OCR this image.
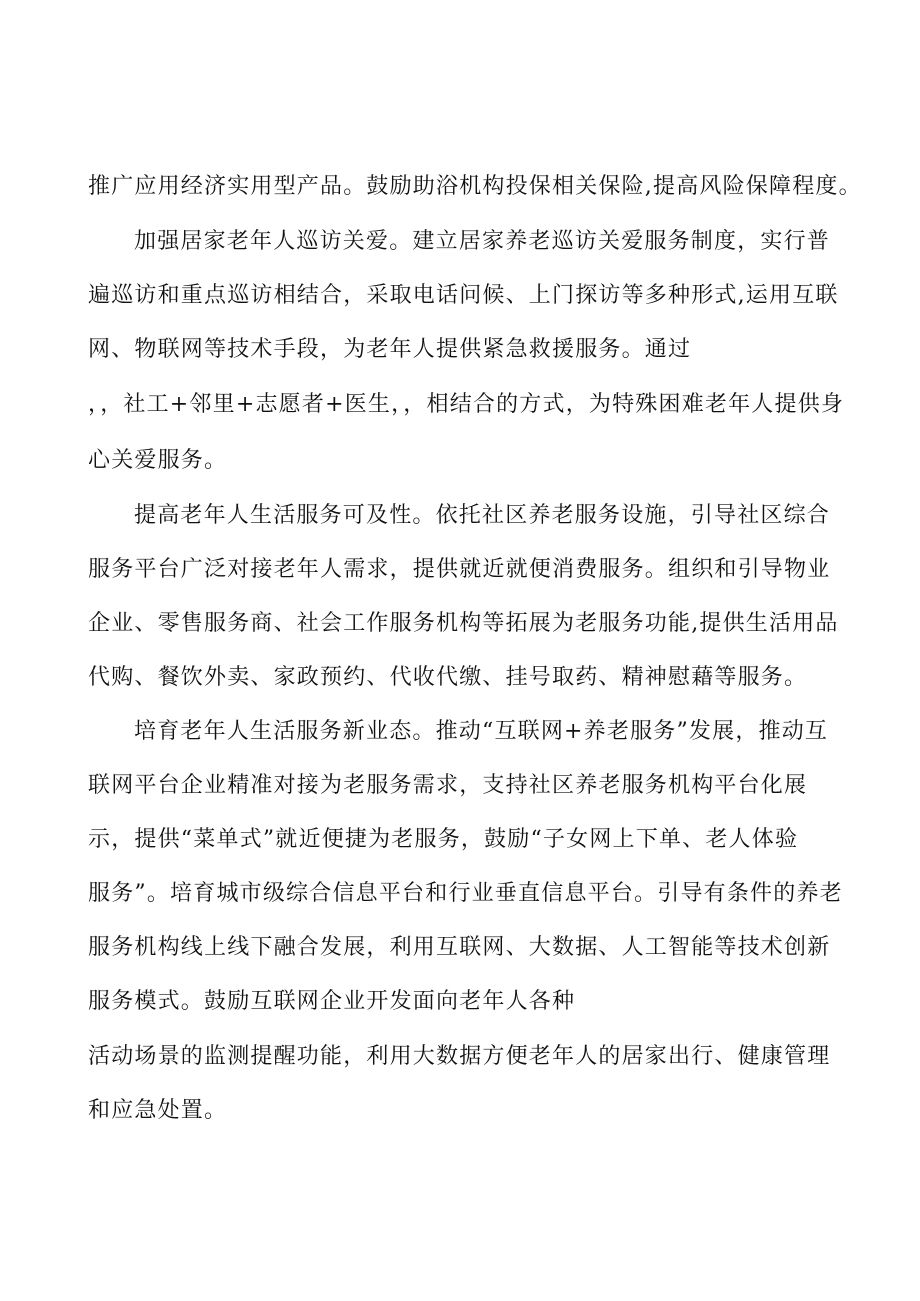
推广应用经济实用型产品。鼓励助浴机构投保相关保险,提高风险保障程度。
加强居家老年人巡访关爱。建立居家养老巡访关爱服务制度，实行普
遍巡访和重点巡访相结合，采取电话问候、上门探访等多种形式,运用互联
网、物联网等技术手段，为老年人提供紧急救援服务。通过
，，社工+邻里+志愿者+医生，，相结合的方式，为特殊困难老年人提供身
心关爱服务。
提高老年人生活服务可及性。依托社区养老服务设施，引导社区综合
服务平台广泛对接老年人需求，提供就近就便消费服务。组织和引导物业
企业、零售服务商、社会工作服务机构等拓展为老服务功能,提供生活用品
代购、餐饮外卖、家政预约、代收代缴、挂号取药、精神慰藉等服务。
培育老年人生活服务新业态。推动“互联网+养老服务”发展，推动互
联网平台企业精准对接为老服务需求，支持社区养老服务机构平台化展
示，提供“菜单式”就近便捷为老服务，鼓励“子女网上下单、老人体验
服务”。培育城市级综合信息平台和行业垂直信息平台。引导有条件的养老
服务机构线上线下融合发展，利用互联网、大数据、人工智能等技术创新
服务模式。鼓励互联网企业开发面向老年人各种
活动场景的监测提醒功能，利用大数据方便老年人的居家出行、健康管理
和应急处置。
